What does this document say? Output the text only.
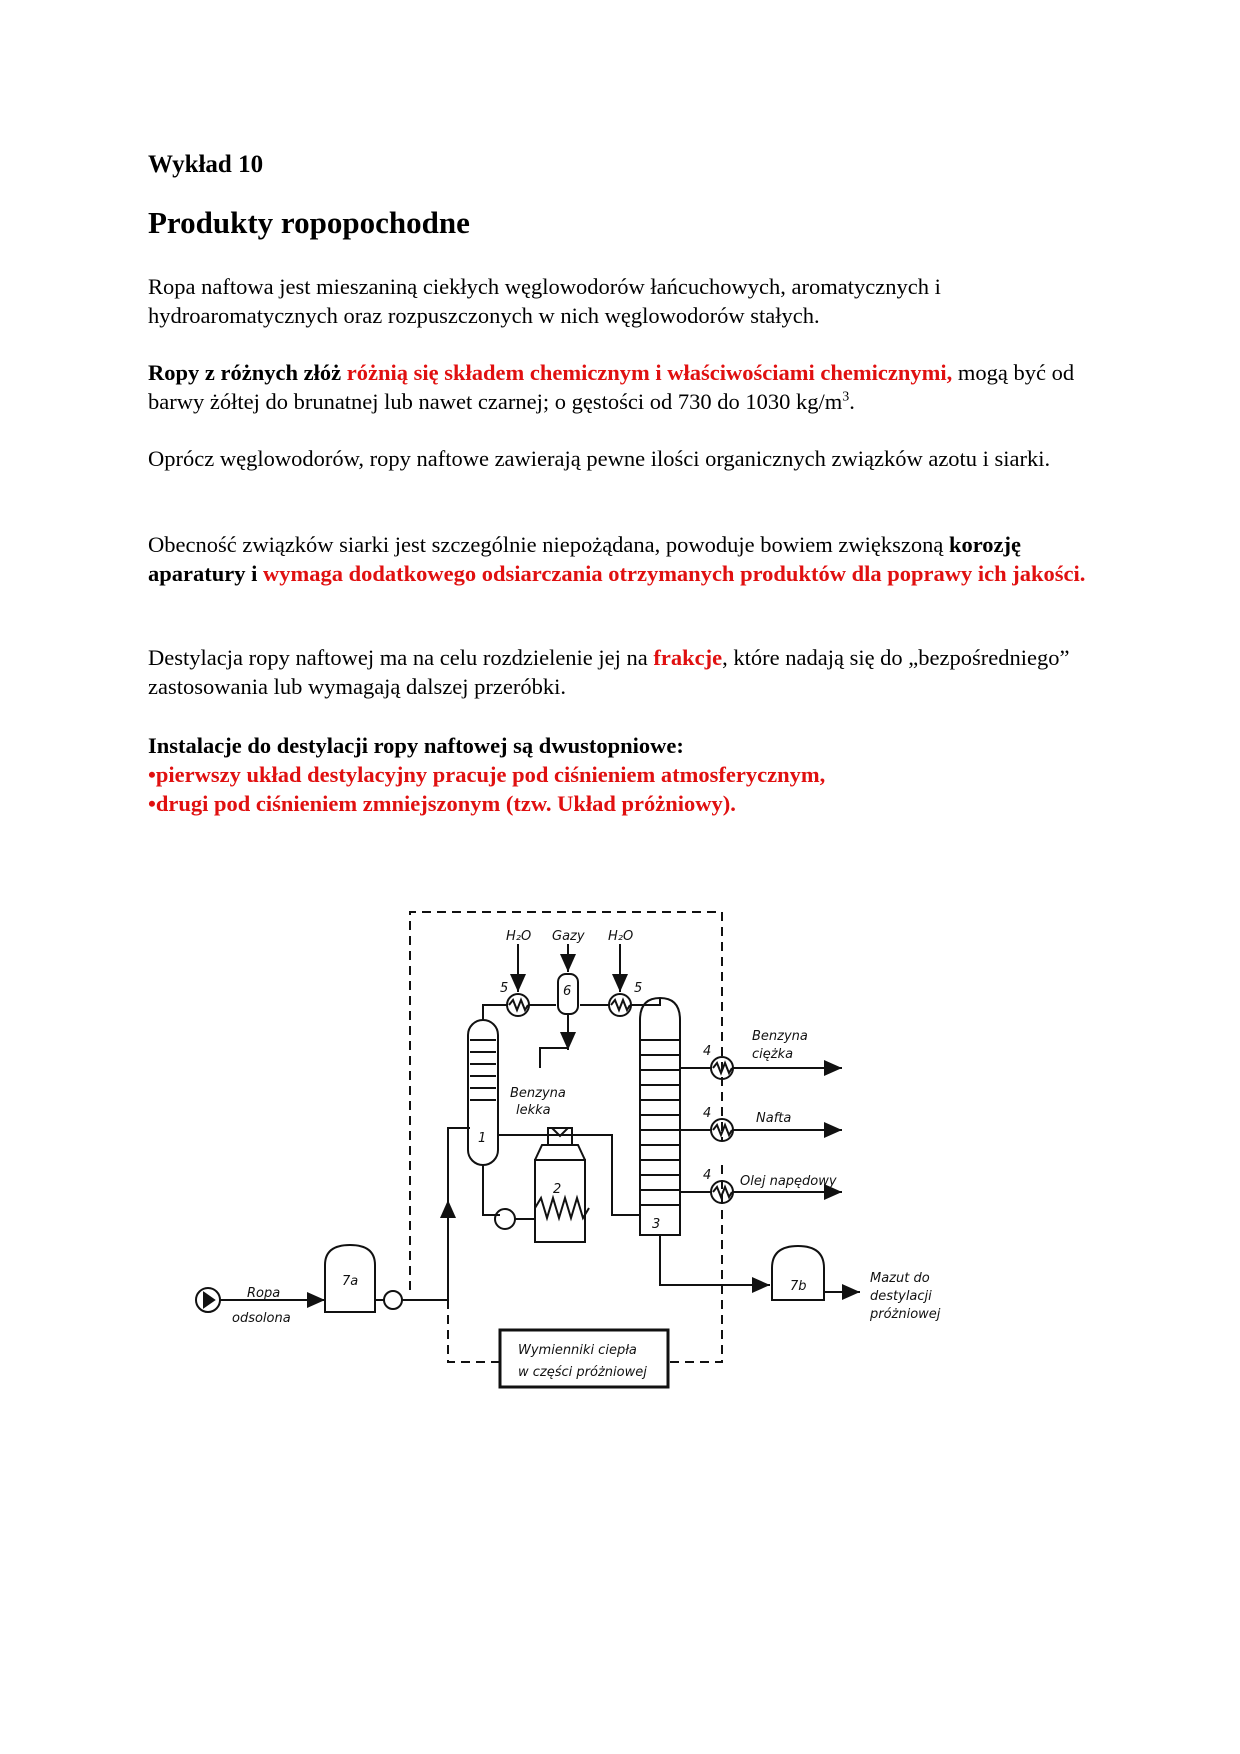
Wykład 10
Produkty ropopochodne
Ropa naftowa jest mieszaniną ciekłych węglowodorów łańcuchowych, aromatycznych i hydroaromatycznych oraz rozpuszczonych w nich węglowodorów stałych.
Ropy z różnych złóż różnią się składem chemicznym i właściwościami chemicznymi, mogą być od barwy żółtej do brunatnej lub nawet czarnej; o gęstości od 730 do 1030 $kg/m^3$.
Oprócz węglowodorów, ropy naftowe zawierają pewne ilości organicznych związków azotu i siarki.
Obecność związków siarki jest szczególnie niepożądana, powoduje bowiem zwiększoną korozję aparatury i wymaga dodatkowego odsiarczania otrzymanych produktów dla poprawy ich jakości.
Destylacja ropy naftowej ma na celu rozdzielenie jej na frakcje, które nadają się do „bezpośredniego” zastosowania lub wymagają dalszej przeróbki.
Instalacje do destylacji ropy naftowej są dwustopniowe:
•pierwszy układ destylacyjny pracuje pod ciśnieniem atmosferycznym,
•drugi pod ciśnieniem zmniejszonym (tzw. Układ próżniowy).
H₂O Gazy H₂O
5	6	5
1
2
3
4
4
4
Benzyna
lekka
Benzyna
ciężka
Nafta
Olej napędowy
Ropa
odsolona
7a	7b
Mazut do
destylacji
próżniowej
Wymienniki ciepła
w części próżniowej
